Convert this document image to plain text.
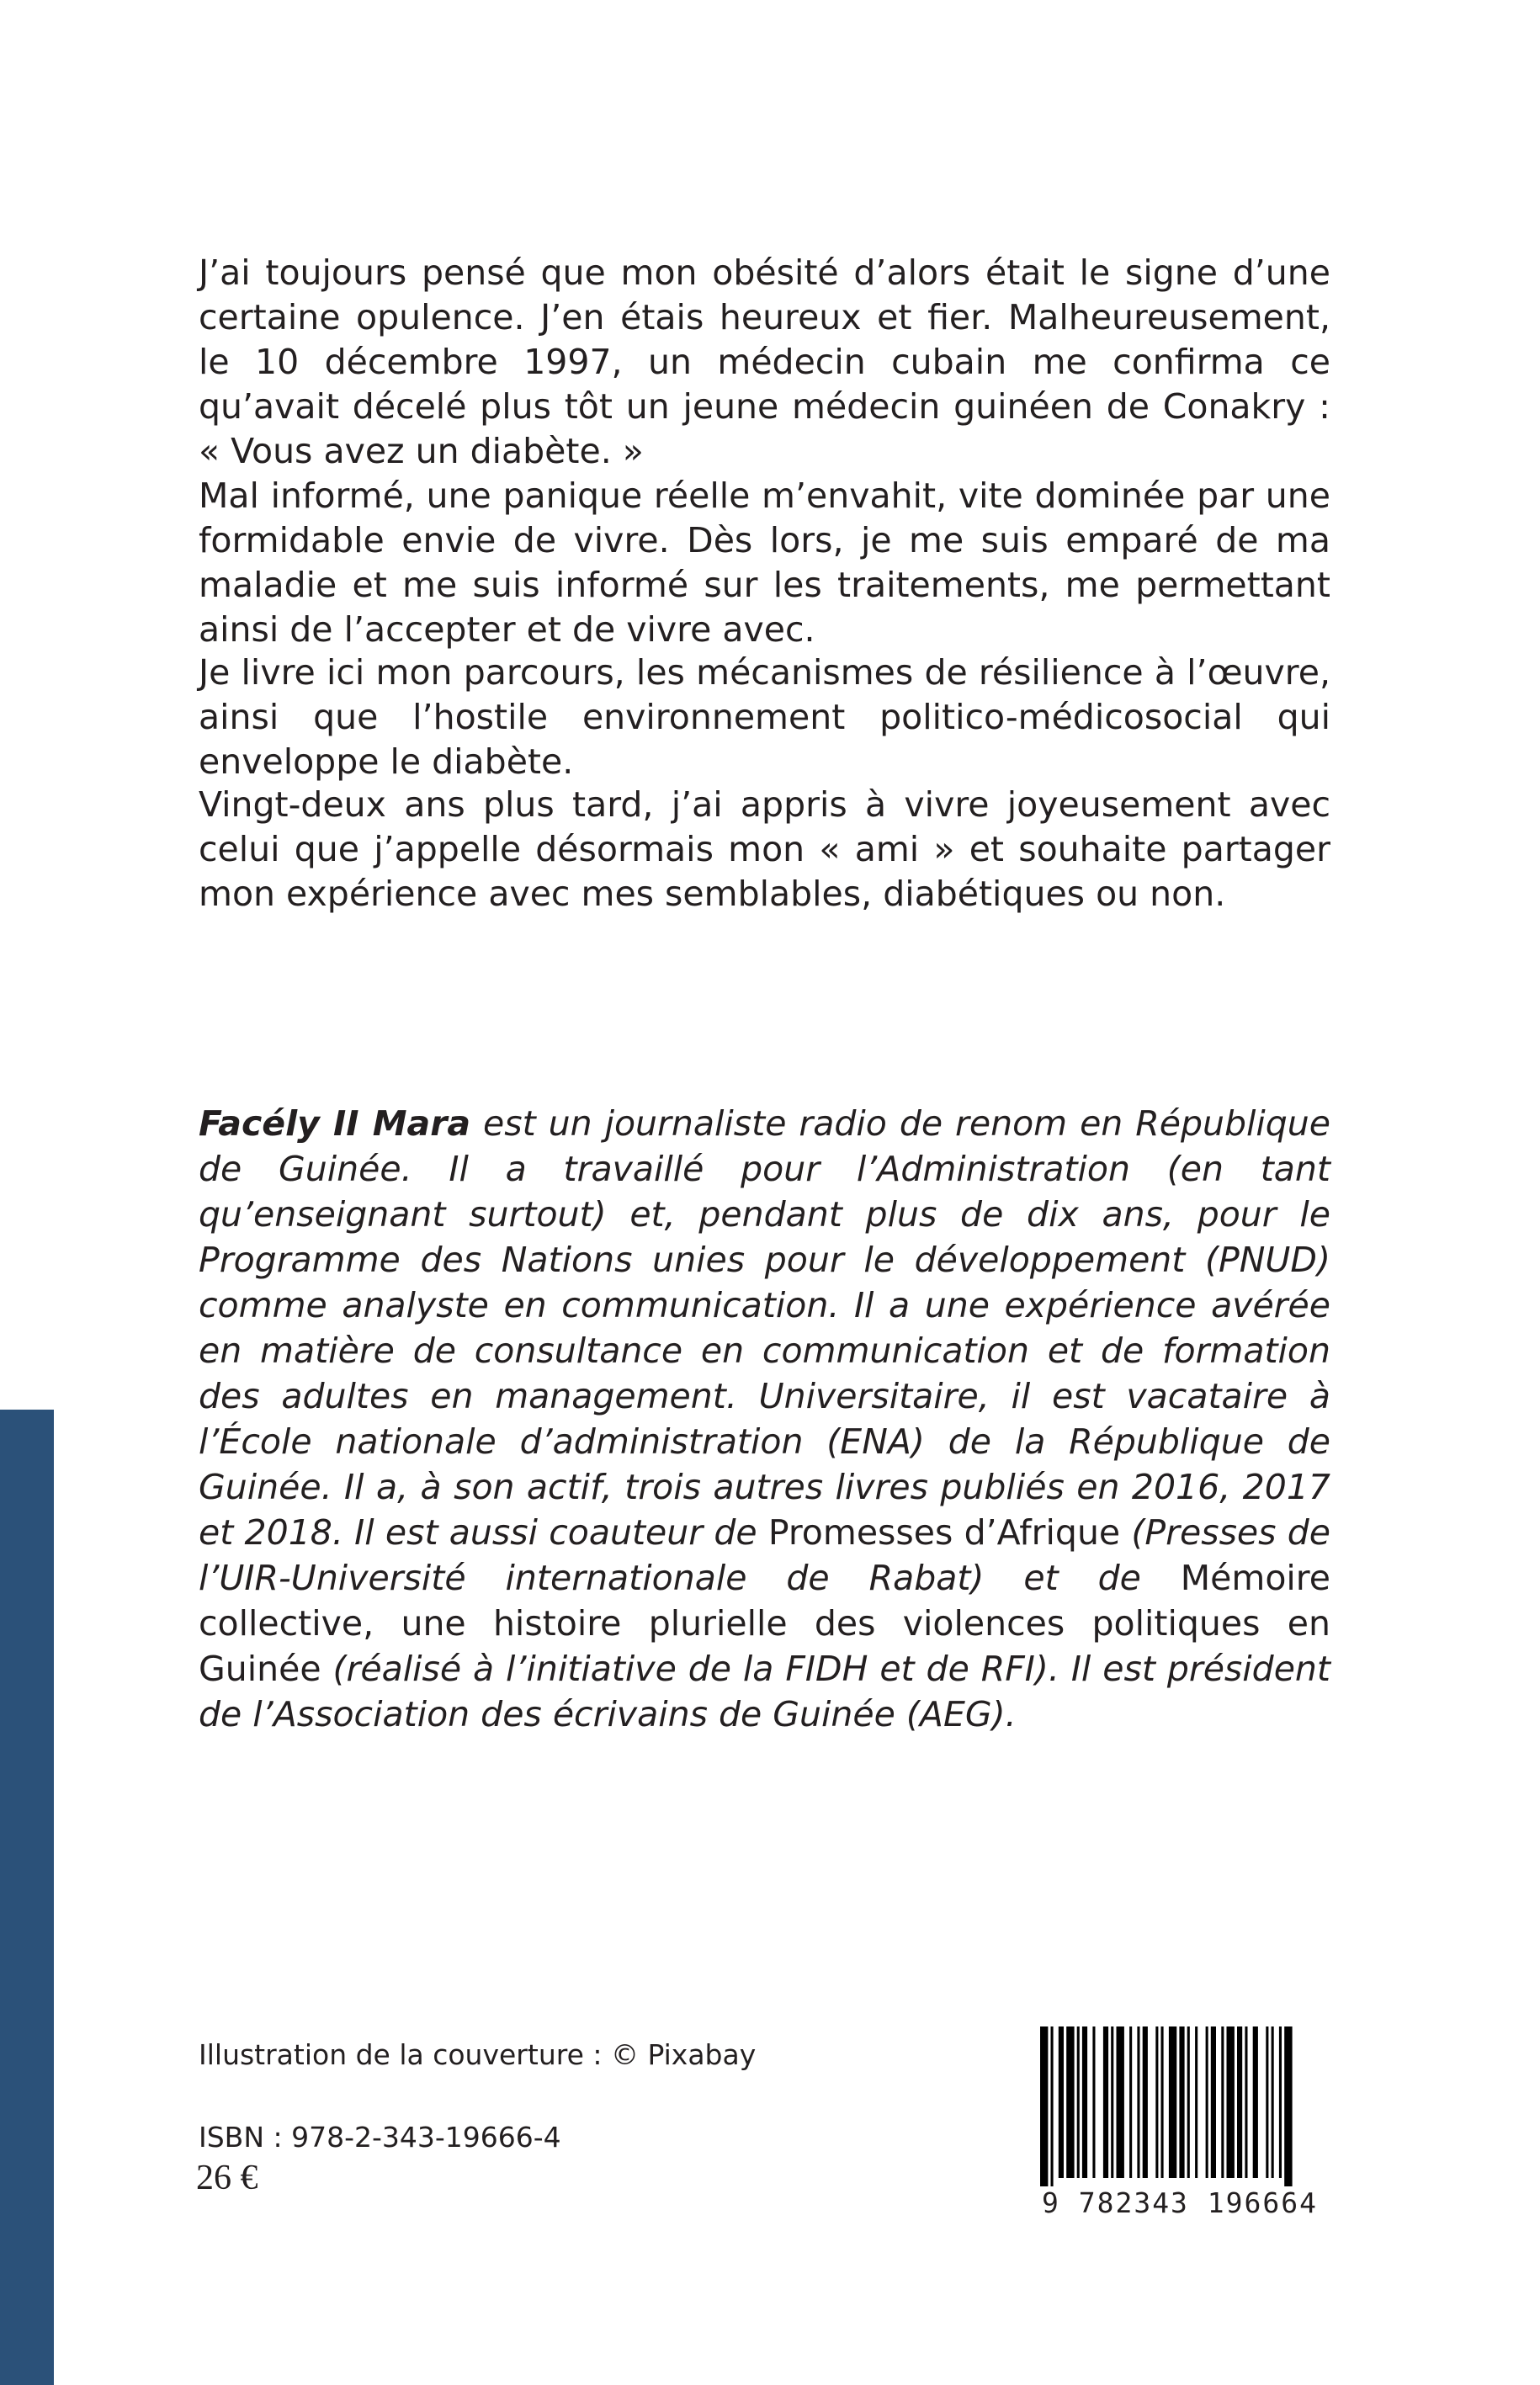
J’ai toujours pensé que mon obésité d’alors était le signe d’une certaine opulence. J’en étais heureux et fier. Malheureusement, le 10 décembre 1997, un médecin cubain me confirma ce qu’avait décelé plus tôt un jeune médecin guinéen de Conakry : « Vous avez un diabète. »

Mal informé, une panique réelle m’envahit, vite dominée par une formidable envie de vivre. Dès lors, je me suis emparé de ma maladie et me suis informé sur les traitements, me permettant ainsi de l’accepter et de vivre avec.

Je livre ici mon parcours, les mécanismes de résilience à l’œuvre, ainsi que l’hostile environnement politico-médicosocial qui enveloppe le diabète.

Vingt-deux ans plus tard, j’ai appris à vivre joyeusement avec celui que j’appelle désormais mon « ami » et souhaite partager mon expérience avec mes semblables, diabétiques ou non.

Facély II Mara est un journaliste radio de renom en République de Guinée. Il a travaillé pour l’Administration (en tant qu’enseignant surtout) et, pendant plus de dix ans, pour le Programme des Nations unies pour le développement (PNUD) comme analyste en communication. Il a une expérience avérée en matière de consultance en communication et de formation des adultes en management. Universitaire, il est vacataire à l’École nationale d’administration (ENA) de la République de Guinée. Il a, à son actif, trois autres livres publiés en 2016, 2017 et 2018. Il est aussi coauteur de Promesses d’Afrique (Presses de l’UIR-Université internationale de Rabat) et de Mémoire collective, une histoire plurielle des violences politiques en Guinée (réalisé à l’initiative de la FIDH et de RFI). Il est président de l’Association des écrivains de Guinée (AEG).

Illustration de la couverture : © Pixabay

ISBN : 978-2-343-19666-4

26 €

9 782343 196664
